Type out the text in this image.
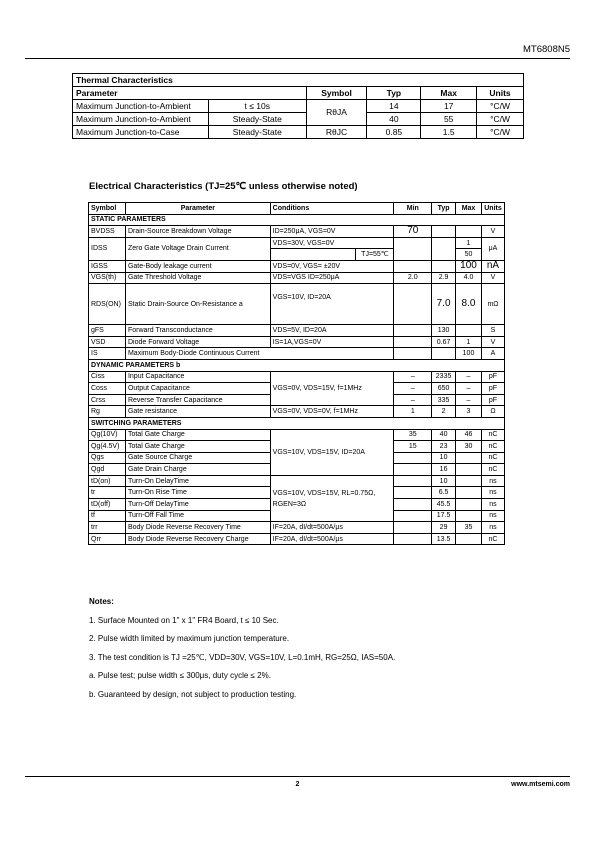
MT6808N5
Thermal Characteristics					
Parameter		Symbol	Typ	Max	Units
Maximum Junction-to-Ambient	t ≤ 10s	RθJA	14	17	°C/W
Maximum Junction-to-Ambient	Steady-State		40	55	°C/W
Maximum Junction-to-Case	Steady-State	RθJC	0.85	1.5	°C/W
Electrical Characteristics (TJ=25℃ unless otherwise noted)
Symbol	Parameter	Conditions		Min	Typ	Max	Units
STATIC PARAMETERS							
BVDSS	Drain-Source Breakdown Voltage	ID=250μA, VGS=0V		70			V
IDSS	Zero Gate Voltage Drain Current	VDS=30V, VGS=0V				1	μA
			TJ=55℃			50	
IGSS	Gate-Body leakage current	VDS=0V, VGS= ±20V				100	nA
VGS(th)	Gate Threshold Voltage	VDS=VGS ID=250μA		2.0	2.9	4.0	V
RDS(ON)	Static Drain-Source On-Resistance a	VGS=10V, ID=20A			7.0	8.0	mΩ
gFS	Forward Transconductance	VDS=5V, ID=20A			130		S
VSD	Diode Forward Voltage	IS=1A,VGS=0V			0.67	1	V
IS	Maximum Body-Diode Continuous Current					100	A
DYNAMIC PARAMETERS b							
Ciss	Input Capacitance	VGS=0V, VDS=15V, f=1MHz		–	2335	–	pF
Coss	Output Capacitance			–	650	–	pF
Crss	Reverse Transfer Capacitance			–	335	–	pF
Rg	Gate resistance	VGS=0V, VDS=0V, f=1MHz		1	2	3	Ω
SWITCHING PARAMETERS							
Qg(10V)	Total Gate Charge	VGS=10V, VDS=15V, ID=20A		35	40	46	nC
Qg(4.5V)	Total Gate Charge			15	23	30	nC
Qgs	Gate Source Charge				10		nC
Qgd	Gate Drain Charge				16		nC
tD(on)	Turn-On DelayTime	VGS=10V, VDS=15V, RL=0.75Ω,
RGEN=3Ω			10		ns
tr	Turn-On Rise Time				6.5		ns
tD(off)	Turn-Off DelayTime				45.5		ns
tf	Turn-Off Fall Time				17.5		ns
trr	Body Diode Reverse Recovery Time	IF=20A, dI/dt=500A/μs			29	35	ns
Qrr	Body Diode Reverse Recovery Charge	IF=20A, dI/dt=500A/μs			13.5		nC
Notes:
1. Surface Mounted on 1" x 1" FR4 Board, t ≤ 10 Sec.
2. Pulse width limited by maximum junction temperature.
3. The test condition is TJ =25℃, VDD=30V, VGS=10V, L=0.1mH, RG=25Ω, IAS=50A.
a. Pulse test; pulse width ≤ 300μs, duty cycle ≤ 2%.
b. Guaranteed by design, not subject to production testing.
2	www.mtsemi.com
